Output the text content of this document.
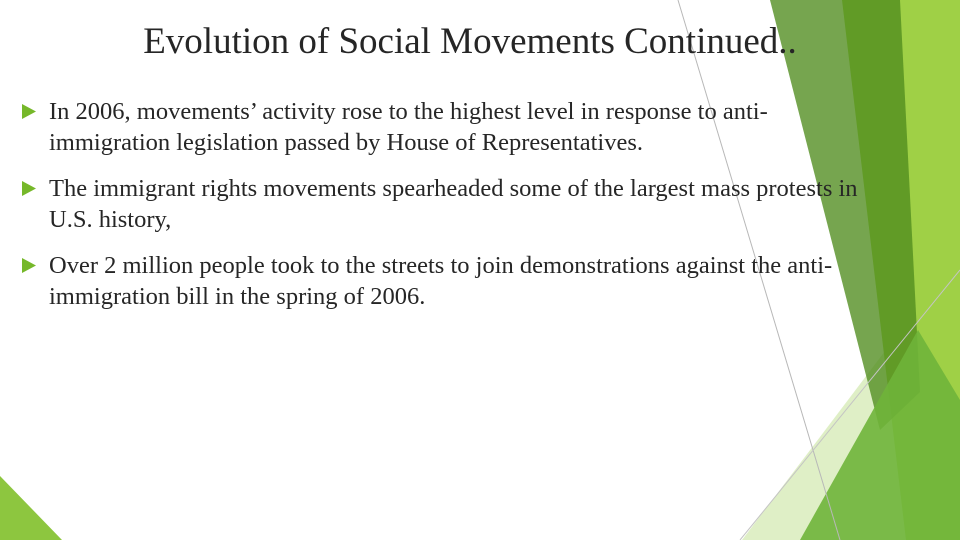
Evolution of Social Movements Continued..
In 2006, movements’ activity rose to the highest level in response to anti-immigration legislation passed by House of Representatives.
The immigrant rights movements spearheaded some of the largest mass protests in U.S. history,
Over 2 million people took to the streets to join demonstrations against the anti-immigration bill in the spring of 2006.
